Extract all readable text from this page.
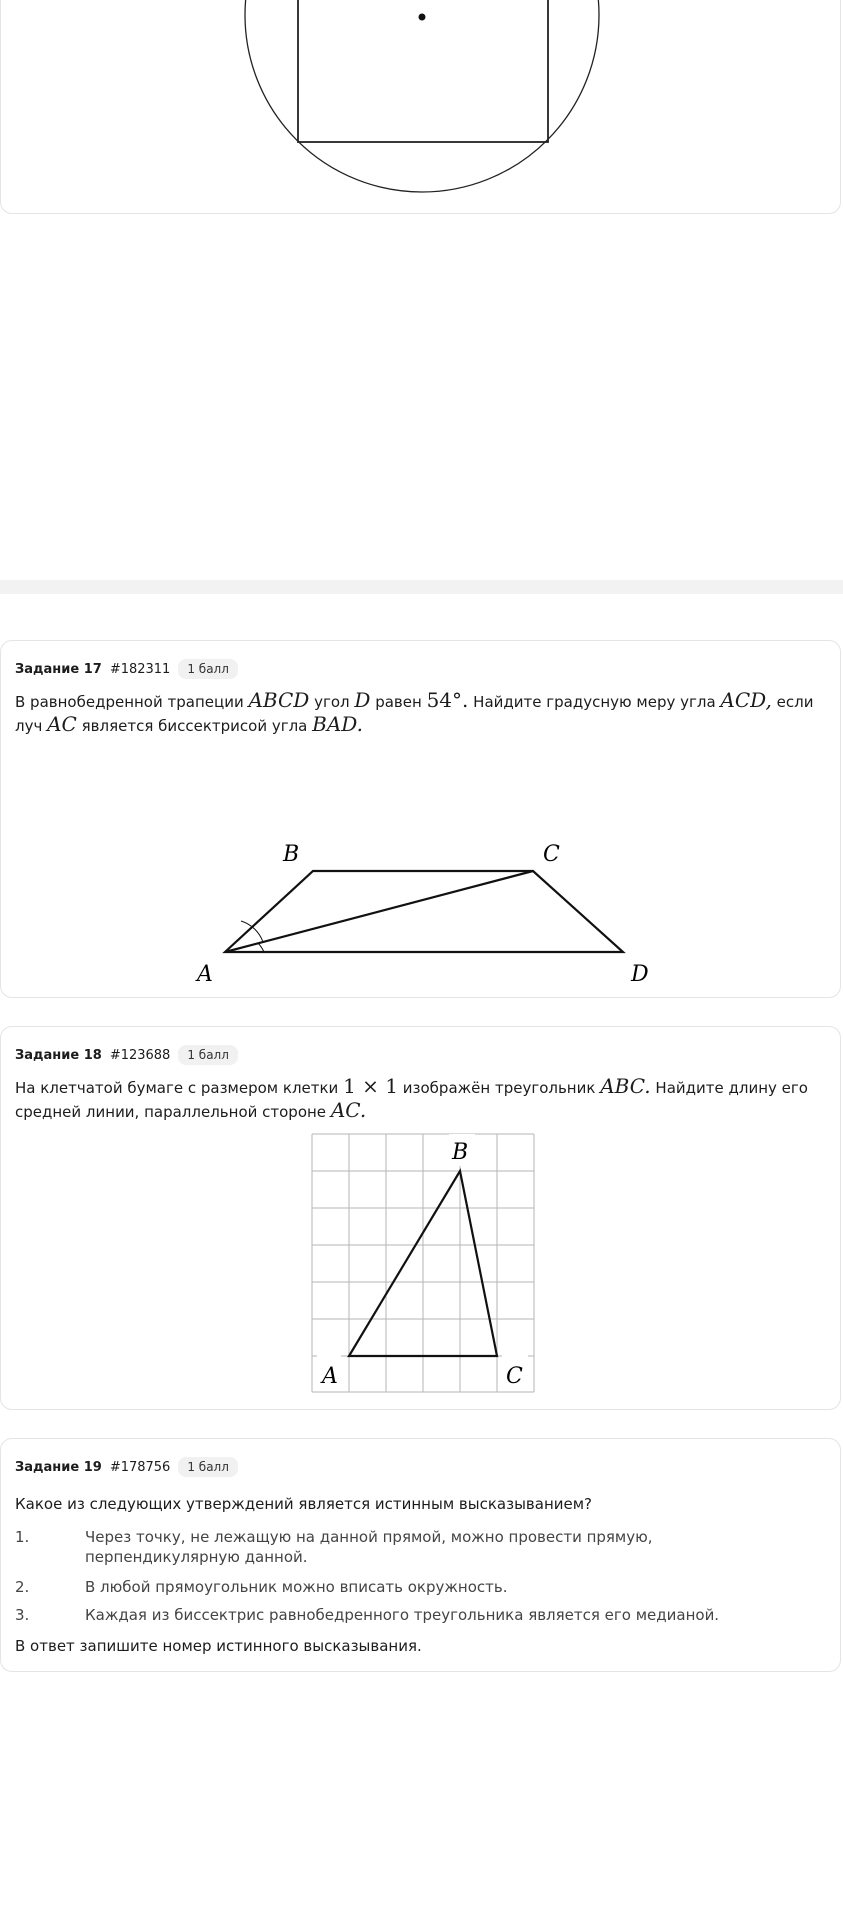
Задание 17 #182311	1 балл
В равнобедренной трапеции ABCD угол D равен 54°. Найдите градусную меру угла ACD, если
луч AC является биссектрисой угла BAD.
B	C
A	D
Задание 18 #123688	1 балл
На клетчатой бумаге с размером клетки 1 × 1 изображён треугольник ABC. Найдите длину его
средней линии, параллельной стороне AC.
B
A	C
Задание 19 #178756	1 балл
Какое из следующих утверждений является истинным высказыванием?
1.	Через точку, не лежащую на данной прямой, можно провести прямую, перпендикулярную данной.
2.	В любой прямоугольник можно вписать окружность.
3.	Каждая из биссектрис равнобедренного треугольника является его медианой.
В ответ запишите номер истинного высказывания.
